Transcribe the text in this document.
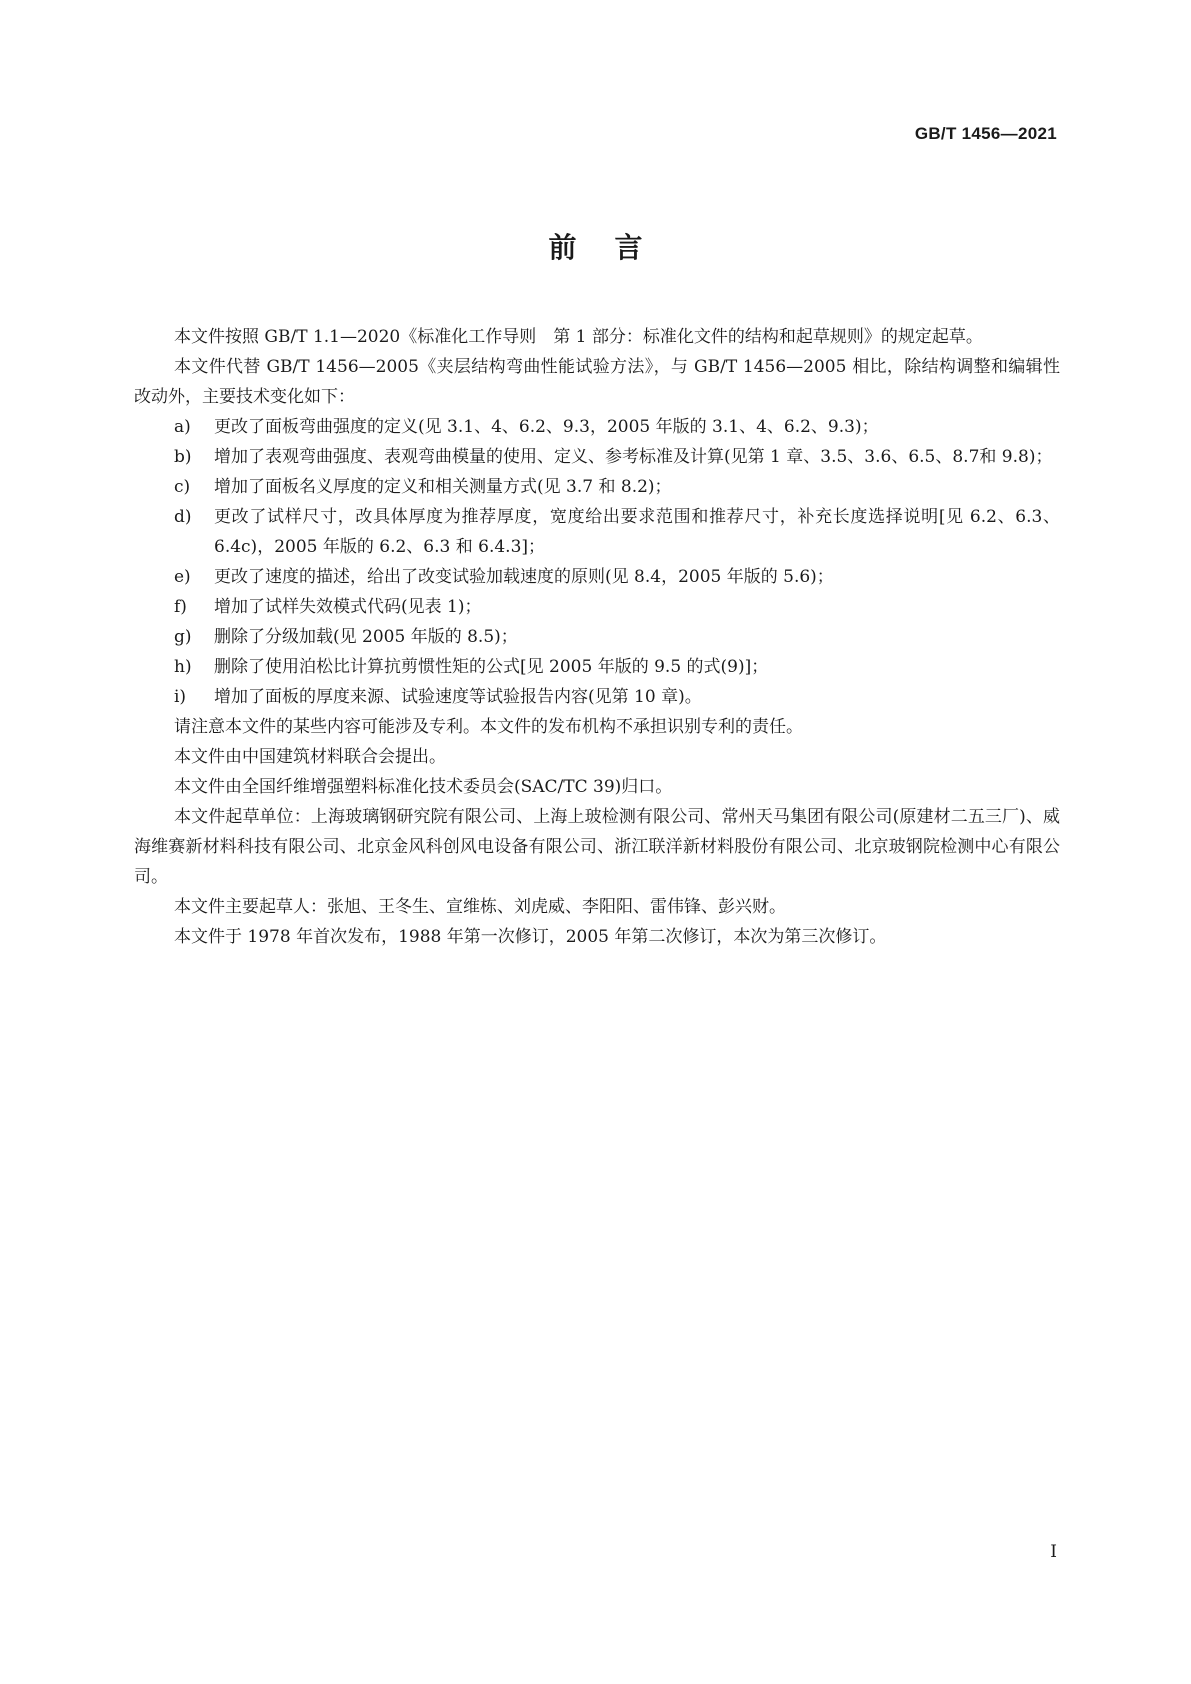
GB/T 1456—2021
前言

本文件按照 GB/T 1.1—2020《标准化工作导则　第 1 部分：标准化文件的结构和起草规则》的规定起草。

本文件代替 GB/T 1456—2005《夹层结构弯曲性能试验方法》，与 GB/T 1456—2005 相比，除结构调整和编辑性改动外，主要技术变化如下：

a) 更改了面板弯曲强度的定义(见 3.1、4、6.2、9.3，2005 年版的 3.1、4、6.2、9.3)；
b) 增加了表观弯曲强度、表观弯曲模量的使用、定义、参考标准及计算(见第 1 章、3.5、3.6、6.5、8.7和 9.8)；
c) 增加了面板名义厚度的定义和相关测量方式(见 3.7 和 8.2)；
d) 更改了试样尺寸，改具体厚度为推荐厚度，宽度给出要求范围和推荐尺寸，补充长度选择说明[见 6.2、6.3、6.4c)，2005 年版的 6.2、6.3 和 6.4.3]；
e) 更改了速度的描述，给出了改变试验加载速度的原则(见 8.4，2005 年版的 5.6)；
f) 增加了试样失效模式代码(见表 1)；
g) 删除了分级加载(见 2005 年版的 8.5)；
h) 删除了使用泊松比计算抗剪惯性矩的公式[见 2005 年版的 9.5 的式(9)]；
i) 增加了面板的厚度来源、试验速度等试验报告内容(见第 10 章)。

请注意本文件的某些内容可能涉及专利。本文件的发布机构不承担识别专利的责任。

本文件由中国建筑材料联合会提出。

本文件由全国纤维增强塑料标准化技术委员会(SAC/TC 39)归口。

本文件起草单位：上海玻璃钢研究院有限公司、上海上玻检测有限公司、常州天马集团有限公司(原建材二五三厂)、威海维赛新材料科技有限公司、北京金风科创风电设备有限公司、浙江联洋新材料股份有限公司、北京玻钢院检测中心有限公司。

本文件主要起草人：张旭、王冬生、宣维栋、刘虎威、李阳阳、雷伟锋、彭兴财。

本文件于 1978 年首次发布，1988 年第一次修订，2005 年第二次修订，本次为第三次修订。

I
